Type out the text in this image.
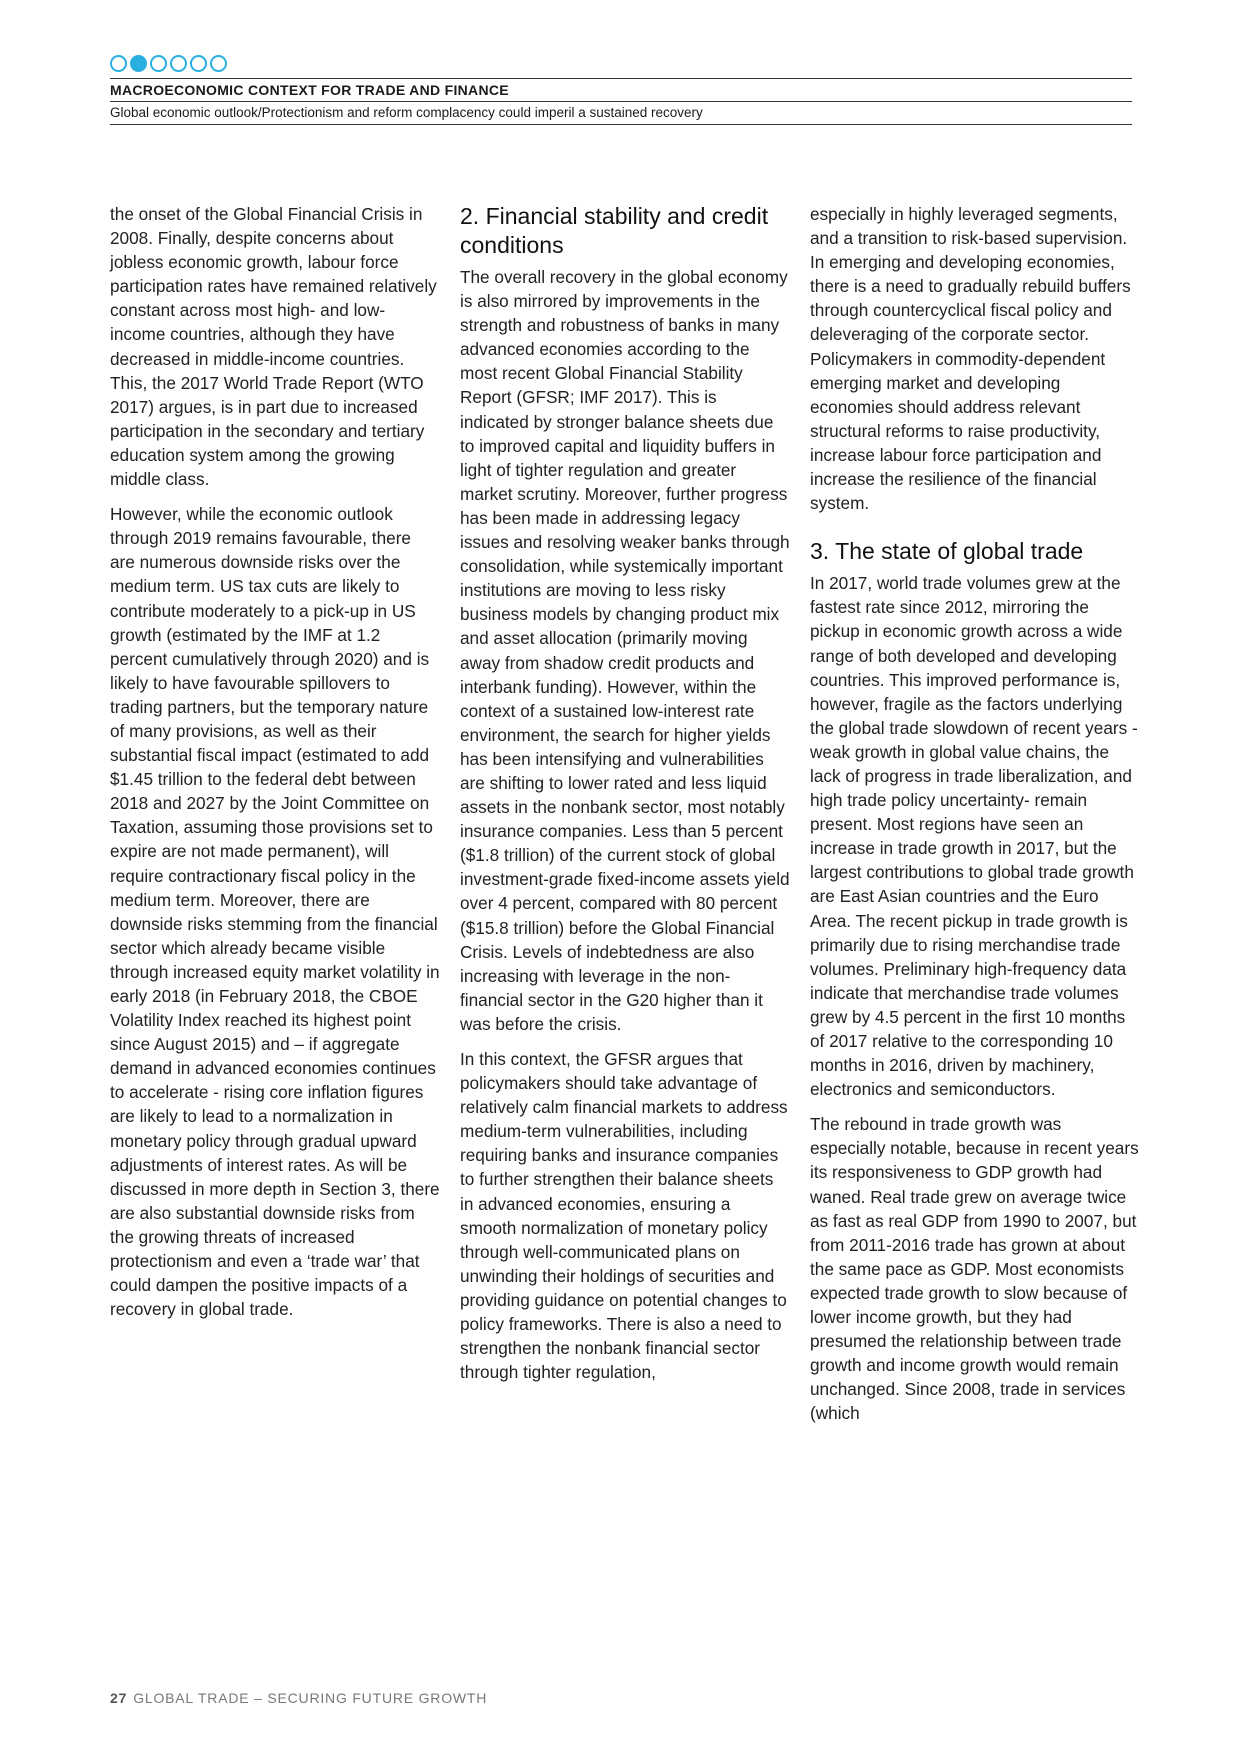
MACROECONOMIC CONTEXT FOR TRADE AND FINANCE
Global economic outlook/Protectionism and reform complacency could imperil a sustained recovery

the onset of the Global Financial Crisis in 2008. Finally, despite concerns about jobless economic growth, labour force participation rates have remained relatively constant across most high- and low-income countries, although they have decreased in middle-income countries. This, the 2017 World Trade Report (WTO 2017) argues, is in part due to increased participation in the secondary and tertiary education system among the growing middle class.

However, while the economic outlook through 2019 remains favourable, there are numerous downside risks over the medium term. US tax cuts are likely to contribute moderately to a pick-up in US growth (estimated by the IMF at 1.2 percent cumulatively through 2020) and is likely to have favourable spillovers to trading partners, but the temporary nature of many provisions, as well as their substantial fiscal impact (estimated to add $1.45 trillion to the federal debt between 2018 and 2027 by the Joint Committee on Taxation, assuming those provisions set to expire are not made permanent), will require contractionary fiscal policy in the medium term. Moreover, there are downside risks stemming from the financial sector which already became visible through increased equity market volatility in early 2018 (in February 2018, the CBOE Volatility Index reached its highest point since August 2015) and – if aggregate demand in advanced economies continues to accelerate - rising core inflation figures are likely to lead to a normalization in monetary policy through gradual upward adjustments of interest rates. As will be discussed in more depth in Section 3, there are also substantial downside risks from the growing threats of increased protectionism and even a ‘trade war’ that could dampen the positive impacts of a recovery in global trade.

2. Financial stability and credit conditions

The overall recovery in the global economy is also mirrored by improvements in the strength and robustness of banks in many advanced economies according to the most recent Global Financial Stability Report (GFSR; IMF 2017). This is indicated by stronger balance sheets due to improved capital and liquidity buffers in light of tighter regulation and greater market scrutiny. Moreover, further progress has been made in addressing legacy issues and resolving weaker banks through consolidation, while systemically important institutions are moving to less risky business models by changing product mix and asset allocation (primarily moving away from shadow credit products and interbank funding). However, within the context of a sustained low-interest rate environment, the search for higher yields has been intensifying and vulnerabilities are shifting to lower rated and less liquid assets in the nonbank sector, most notably insurance companies. Less than 5 percent ($1.8 trillion) of the current stock of global investment-grade fixed-income assets yield over 4 percent, compared with 80 percent ($15.8 trillion) before the Global Financial Crisis. Levels of indebtedness are also increasing with leverage in the non-financial sector in the G20 higher than it was before the crisis.

In this context, the GFSR argues that policymakers should take advantage of relatively calm financial markets to address medium-term vulnerabilities, including requiring banks and insurance companies to further strengthen their balance sheets in advanced economies, ensuring a smooth normalization of monetary policy through well-communicated plans on unwinding their holdings of securities and providing guidance on potential changes to policy frameworks. There is also a need to strengthen the nonbank financial sector through tighter regulation,

especially in highly leveraged segments, and a transition to risk-based supervision. In emerging and developing economies, there is a need to gradually rebuild buffers through countercyclical fiscal policy and deleveraging of the corporate sector. Policymakers in commodity-dependent emerging market and developing economies should address relevant structural reforms to raise productivity, increase labour force participation and increase the resilience of the financial system.

3. The state of global trade

In 2017, world trade volumes grew at the fastest rate since 2012, mirroring the pickup in economic growth across a wide range of both developed and developing countries. This improved performance is, however, fragile as the factors underlying the global trade slowdown of recent years - weak growth in global value chains, the lack of progress in trade liberalization, and high trade policy uncertainty- remain present. Most regions have seen an increase in trade growth in 2017, but the largest contributions to global trade growth are East Asian countries and the Euro Area. The recent pickup in trade growth is primarily due to rising merchandise trade volumes. Preliminary high-frequency data indicate that merchandise trade volumes grew by 4.5 percent in the first 10 months of 2017 relative to the corresponding 10 months in 2016, driven by machinery, electronics and semiconductors.

The rebound in trade growth was especially notable, because in recent years its responsiveness to GDP growth had waned. Real trade grew on average twice as fast as real GDP from 1990 to 2007, but from 2011-2016 trade has grown at about the same pace as GDP. Most economists expected trade growth to slow because of lower income growth, but they had presumed the relationship between trade growth and income growth would remain unchanged. Since 2008, trade in services (which

27 GLOBAL TRADE – SECURING FUTURE GROWTH
